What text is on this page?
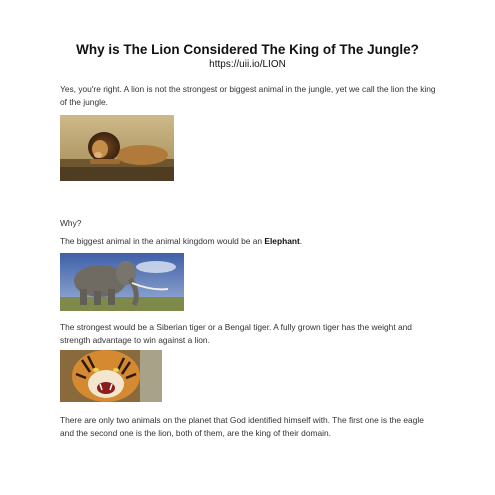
Why is The Lion Considered The King of The Jungle?
https://uii.io/LION

Yes, you're right. A lion is not the strongest or biggest animal in the jungle, yet we call the lion the king of the jungle.

Why?

The biggest animal in the animal kingdom would be an Elephant.

The strongest would be a Siberian tiger or a Bengal tiger. A fully grown tiger has the weight and strength advantage to win against a lion.

There are only two animals on the planet that God identified himself with. The first one is the eagle and the second one is the lion, both of them, are the king of their domain.
